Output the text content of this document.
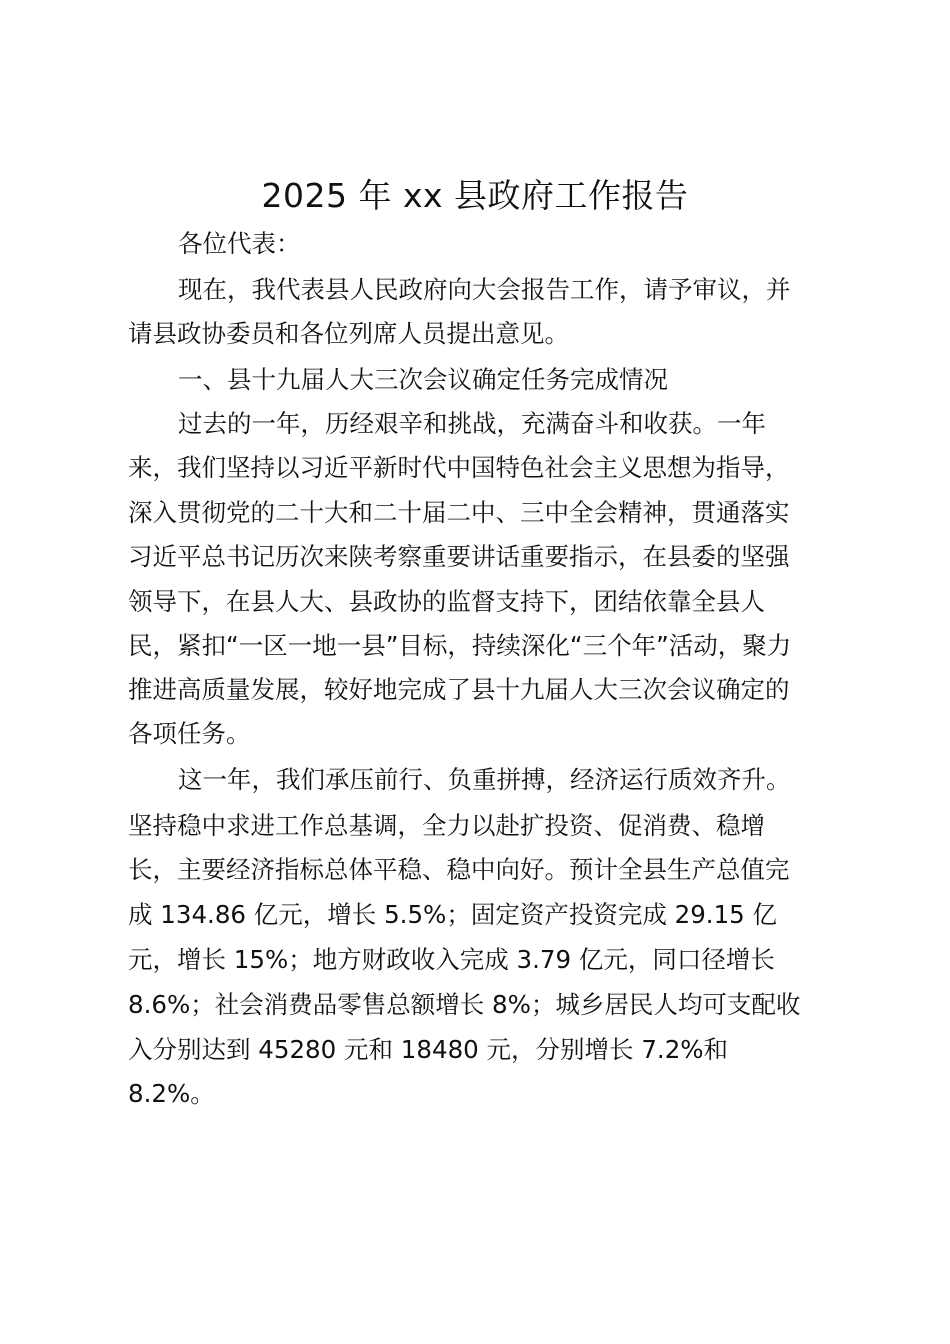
2025 年 xx 县政府工作报告

各位代表：

现在，我代表县人民政府向大会报告工作，请予审议，并

请县政协委员和各位列席人员提出意见。

一、县十九届人大三次会议确定任务完成情况

过去的一年，历经艰辛和挑战，充满奋斗和收获。一年

来，我们坚持以习近平新时代中国特色社会主义思想为指导，

深入贯彻党的二十大和二十届二中、三中全会精神，贯通落实

习近平总书记历次来陕考察重要讲话重要指示，在县委的坚强

领导下，在县人大、县政协的监督支持下，团结依靠全县人

民，紧扣“一区一地一县”目标，持续深化“三个年”活动，聚力

推进高质量发展，较好地完成了县十九届人大三次会议确定的

各项任务。

这一年，我们承压前行、负重拼搏，经济运行质效齐升。

坚持稳中求进工作总基调，全力以赴扩投资、促消费、稳增

长，主要经济指标总体平稳、稳中向好。预计全县生产总值完

成 134.86 亿元，增长 5.5%；固定资产投资完成 29.15 亿

元，增长 15%；地方财政收入完成 3.79 亿元，同口径增长

8.6%；社会消费品零售总额增长 8%；城乡居民人均可支配收

入分别达到 45280 元和 18480 元，分别增长 7.2%和

8.2%。
